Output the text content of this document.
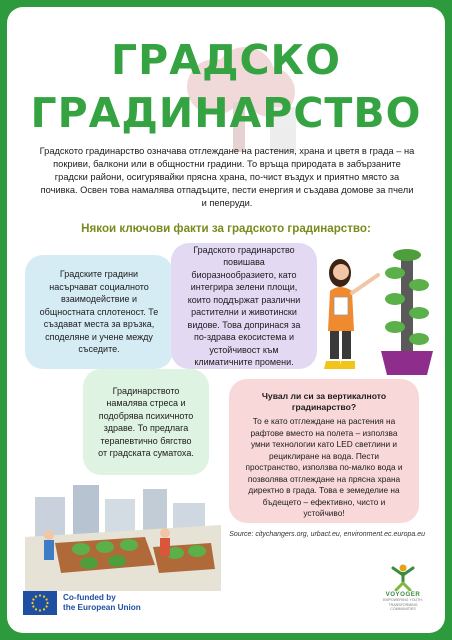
ГРАДСКО
ГРАДИНАРСТВО
Градското градинарство означава отглеждане на растения, храна и цветя в града – на покриви, балкони или в общностни градини. То връща природата в забързаните градски райони, осигурявайки прясна храна, по-чист въздух и приятно място за почивка. Освен това намалява отпадъците, пести енергия и създава домове за пчели и пеперуди.
Някои ключови факти за градското градинарство:
Градските градини насърчават социалното взаимодействие и общностната сплотеност. Те създават места за връзка, споделяне и учене между съседите.
Градското градинарство повишава биоразнообразието, като интегрира зелени площи, които поддържат различни растителни и животински видове. Това допринася за по-здрава екосистема и устойчивост към климатичните промени.
Градинарството намалява стреса и подобрява психичното здраве. То предлага терапевтично бягство от градската суматоха.
Чувал ли си за вертикалното градинарство?
То е като отглеждане на растения на рафтове вместо на полета – използва умни технологии като LED светлини и рециклиране на вода. Пести пространство, използва по-малко вода и позволява отглеждане на прясна храна директно в града. Това е земеделие на бъдещето – ефективно, чисто и устойчиво!
Source: citychangers.org, urbact.eu, environment.ec.europa.eu
Co-funded by
the European Union
VOYOGER
EMPOWERING YOUTH,
TRANSFORMING
COMMUNITIES
